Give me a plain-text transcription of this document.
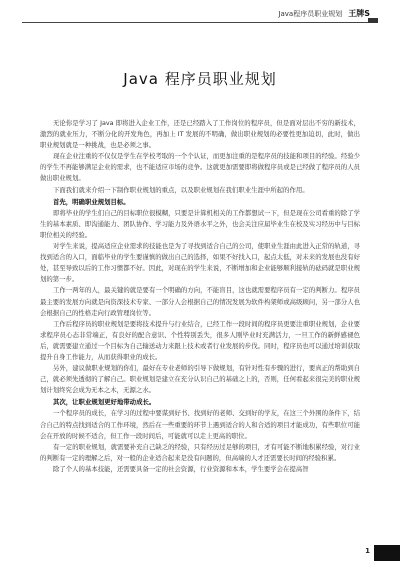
Java程序员职业规划 王牌S
Java 程序员职业规划

无论你是学习了 Java 即将进入企业工作，还是已经踏入了工作岗位的程序员，但是面对层出不穷的新技术，激烈的就业压力，不断分化的开发角色，再加上 IT 发展的不明确，做出职业规划的必要性更加迫切，此时，做出职业规划就是一种挑战，也是必须之事。

现在企业注重的不仅仅是学生在学校考取的一个个认证，而更加注重的是程序员的技能和项目的经验。经验少的学生不再能够满足企业的需求，也不能适应市场的竞争。这就更加需要即将做程序员或是已经做了程序员的人员做出职业规划。

下面我们就来介绍一下制作职业规划的重点，以及职业规划在我们职业生涯中所起的作用。

首先，明确职业规划目标。

即将毕业的学生们自己的目标职位很模糊，只要是计算机相关的工作都想试一下，但是现在公司看重的除了学生的基本素质、即沟通能力、团队协作、学习能力及外语水平之外，也会关注应届毕业生在校及实习经历中与目标职位相关的经验。

对学生来说，提高适应企业需求的技能也是为了寻找到适合自己的公司，使职业生涯由此进入正常的轨道，寻找到适合的入口，面临毕业的学生要谨慎的做出自己的选择，如果不好找入口，起点太低，对未来的发展也没有好处，甚至导致以后的工作习惯都不好。因此，对现在的学生来说，不断增加和企业能够顺利接轨的砝码就是职业规划的第一步。

工作一两年的人，最关键的就是要有一个明确的方向，不能盲目，这也就需要程序员有一定的判断力。程序员最主要的发展方向就是向资深技术专家、一部分人会根据自己的情况发展为软件构架师或高级顾问，另一部分人也会根据自己的性格走向行政管理岗位等。

工作后程序员的职业规划是要将技术提升与行业结合，已经工作一段时间的程序员更要注重职业规划，企业要求程序员心态非常端正，有良好的配合意识、个性特别丢失，很多人刚毕业时充满活力，一旦工作的新鲜感褪色后，就需要建立通过一个目标为自己输送动力来跟上技术或者行业发展的步伐。同时，程序员也可以通过培训获取提升自身工作能力，从而获得职业的成长。

另外，建议做职业规划的你们，最好在专业老师的引导下做规划，有针对性有步骤的进行，要真正的帮助到自己，就必须先透彻的了解自己。职业规划是建立在充分认识自己的基础之上的，否则，任何看起来很完美的职业规划计划终究会成为无本之木，无源之水。

其次，让职业规划更好地带动成长。

一个程序员的成长，在学习的过程中要谋到好书、找到好的老师、交到好的学友，在这三个外围的条件下，结合自己的特点找到适合的工作环境，然后在一些重要的环节上遇到适合的人和合适的项目才能成功，有些职位可能会在开放的时候不适合，但工作一段时间后，可能就可以走上更高的职位。

有一定的职业规划，就需要补充自己缺乏的经验，只有经历过足够的项目，才有可能不断地积累经验，对行业的判断有一定的理解之后，对一般的企业适合起来是没有问题的，但高端的人才还需要长时间的经验积累。

除了个人的基本技能，还需要具备一定的社会资源，行业资源和本本，学生要学会在提高智

1
